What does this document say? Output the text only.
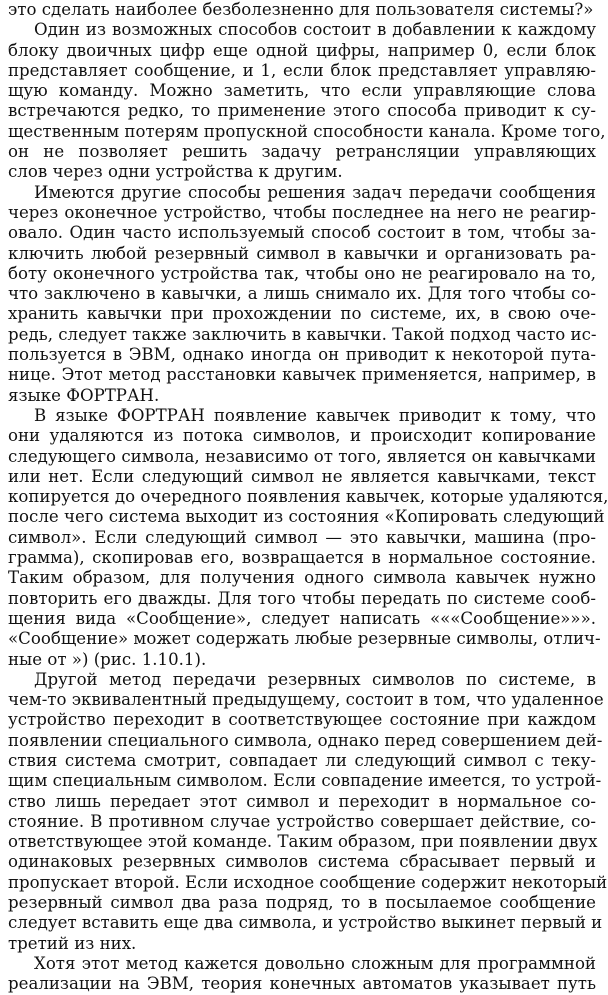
это сделать наиболее безболезненно для пользователя системы?»
Один из возможных способов состоит в добавлении к каждому
блоку двоичных цифр еще одной цифры, например 0, если блок
представляет сообщение, и 1, если блок представляет управляю-
щую команду. Можно заметить, что если управляющие слова
встречаются редко, то применение этого способа приводит к су-
щественным потерям пропускной способности канала. Кроме того,
он не позволяет решить задачу ретрансляции управляющих
слов через одни устройства к другим.
Имеются другие способы решения задач передачи сообщения
через оконечное устройство, чтобы последнее на него не реагир-
овало. Один часто используемый способ состоит в том, чтобы за-
ключить любой резервный символ в кавычки и организовать ра-
боту оконечного устройства так, чтобы оно не реагировало на то,
что заключено в кавычки, а лишь снимало их. Для того чтобы со-
хранить кавычки при прохождении по системе, их, в свою оче-
редь, следует также заключить в кавычки. Такой подход часто ис-
пользуется в ЭВМ, однако иногда он приводит к некоторой пута-
нице. Этот метод расстановки кавычек применяется, например, в
языке ФОРТРАН.
В языке ФОРТРАН появление кавычек приводит к тому, что
они удаляются из потока символов, и происходит копирование
следующего символа, независимо от того, является он кавычками
или нет. Если следующий символ не является кавычками, текст
копируется до очередного появления кавычек, которые удаляются,
после чего система выходит из состояния «Копировать следующий
символ». Если следующий символ — это кавычки, машина (про-
грамма), скопировав его, возвращается в нормальное состояние.
Таким образом, для получения одного символа кавычек нужно
повторить его дважды. Для того чтобы передать по системе сооб-
щения вида «Сообщение», следует написать «««Сообщение»»».
«Сообщение» может содержать любые резервные символы, отлич-
ные от ») (рис. 1.10.1).
Другой метод передачи резервных символов по системе, в
чем-то эквивалентный предыдущему, состоит в том, что удаленное
устройство переходит в соответствующее состояние при каждом
появлении специального символа, однако перед совершением дей-
ствия система смотрит, совпадает ли следующий символ с теку-
щим специальным символом. Если совпадение имеется, то устрой-
ство лишь передает этот символ и переходит в нормальное со-
стояние. В противном случае устройство совершает действие, со-
ответствующее этой команде. Таким образом, при появлении двух
одинаковых резервных символов система сбрасывает первый и
пропускает второй. Если исходное сообщение содержит некоторый
резервный символ два раза подряд, то в посылаемое сообщение
следует вставить еще два символа, и устройство выкинет первый и
третий из них.
Хотя этот метод кажется довольно сложным для программной
реализации на ЭВМ, теория конечных автоматов указывает путь
